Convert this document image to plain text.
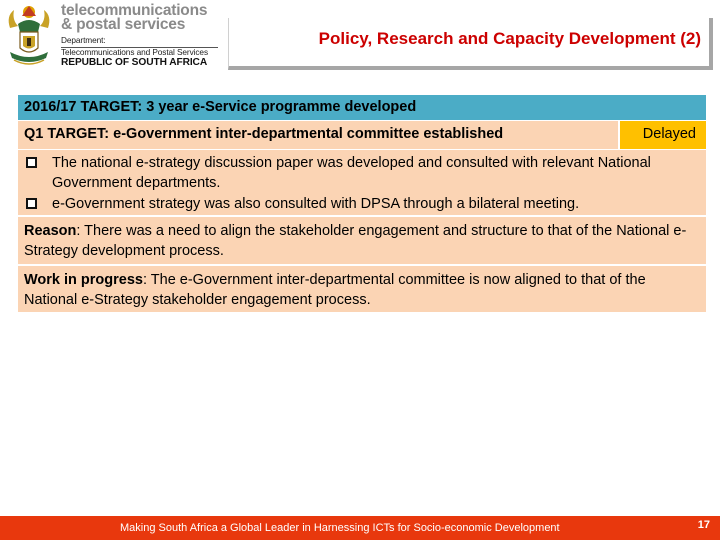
telecommunications
& postal services
Department:
Telecommunications and Postal Services
REPUBLIC OF SOUTH AFRICA
Policy, Research and Capacity Development (2)
2016/17 TARGET: 3 year e-Service programme developed
Q1 TARGET: e-Government inter-departmental committee established	Delayed
The national e-strategy discussion paper was developed and consulted with relevant National Government departments.
e-Government strategy was also consulted with DPSA through a bilateral meeting.
Reason: There was a need to align the stakeholder engagement and structure to that of the National e-Strategy development process.
Work in progress: The e-Government inter-departmental committee is now aligned to that of the National e-Strategy stakeholder engagement process.
Making South Africa a Global Leader in Harnessing ICTs for Socio-economic Development	17
